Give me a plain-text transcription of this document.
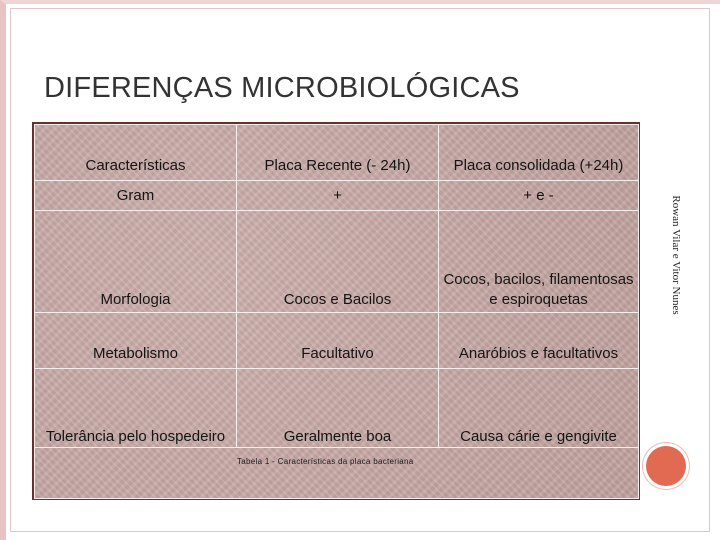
DIFERENÇAS MICROBIOLÓGICAS
Características	Placa Recente (- 24h)	Placa consolidada (+24h)
Gram	+	+ e -
Morfologia	Cocos e Bacilos	Cocos, bacilos, filamentosas e espiroquetas
Metabolismo	Facultativo	Anaróbios e facultativos
Tolerância pelo hospedeiro	Geralmente boa	Causa cárie e gengivite

Tabela 1 - Características da placa bacteriana		
Rowan Vilar e Vitor Nunes
